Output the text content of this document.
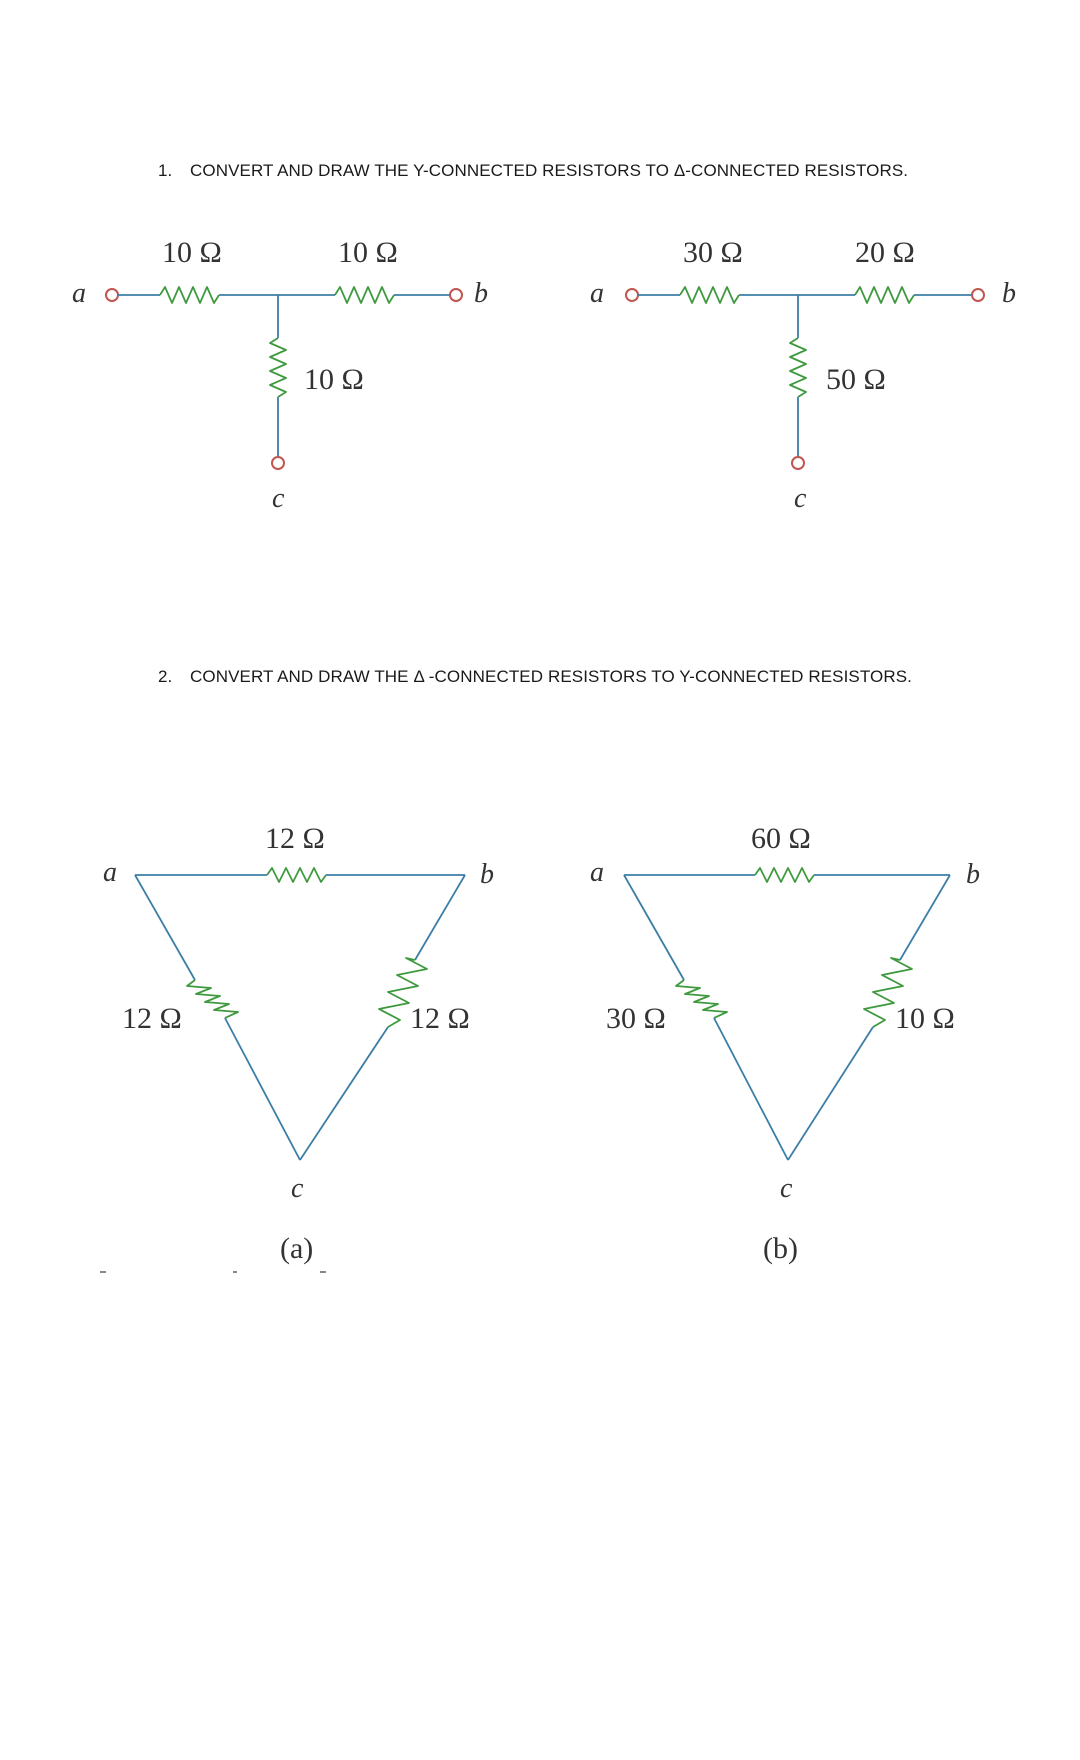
1. CONVERT AND DRAW THE Y-CONNECTED RESISTORS TO Δ-CONNECTED RESISTORS.
2. CONVERT AND DRAW THE Δ -CONNECTED RESISTORS TO Y-CONNECTED RESISTORS.
10 Ω	10 Ω
10 Ω
a	b
c
30 Ω	20 Ω
50 Ω
a	b
c
12 Ω
12 Ω	12 Ω
a	b
c
(a)
60 Ω
30 Ω	10 Ω
a	b
c
(b)
